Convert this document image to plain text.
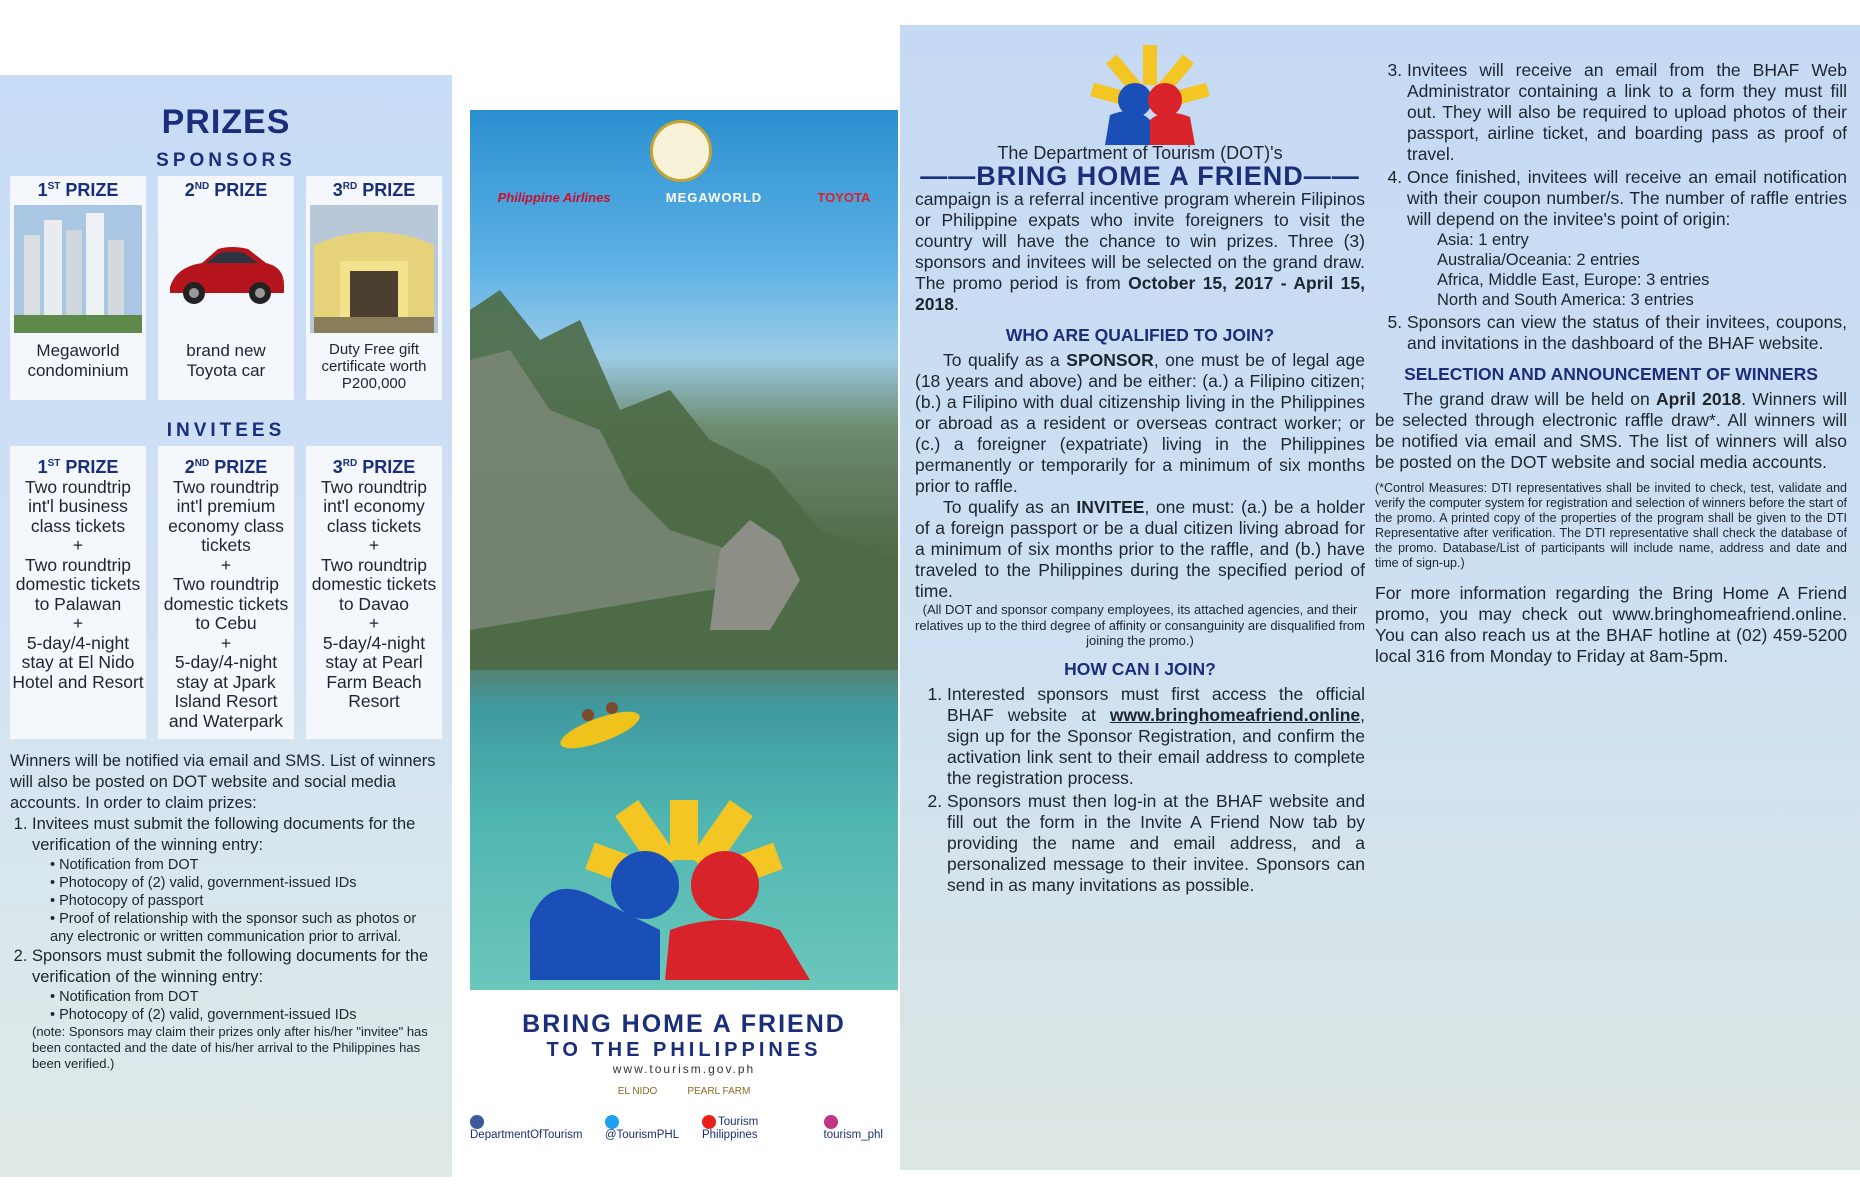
PRIZES
SPONSORS
1ST PRIZE
Megaworld condominium
2ND PRIZE
brand new Toyota car
3RD PRIZE
Duty Free gift certificate worth P200,000
INVITEES
1ST PRIZE
Two roundtrip int'l business class tickets
+
Two roundtrip domestic tickets to Palawan
+
5-day/4-night stay at El Nido Hotel and Resort
2ND PRIZE
Two roundtrip int'l premium economy class tickets
+
Two roundtrip domestic tickets to Cebu
+
5-day/4-night stay at Jpark Island Resort and Waterpark
3RD PRIZE
Two roundtrip int'l economy class tickets
+
Two roundtrip domestic tickets to Davao
+
5-day/4-night stay at Pearl Farm Beach Resort
Winners will be notified via email and SMS. List of winners will also be posted on DOT website and social media accounts. In order to claim prizes:
1. Invitees must submit the following documents for the verification of the winning entry:
• Notification from DOT
• Photocopy of (2) valid, government-issued IDs
• Photocopy of passport
• Proof of relationship with the sponsor such as photos or any electronic or written communication prior to arrival.
2. Sponsors must submit the following documents for the verification of the winning entry:
• Notification from DOT
• Photocopy of (2) valid, government-issued IDs
(note: Sponsors may claim their prizes only after his/her "invitee" has been contacted and the date of his/her arrival to the Philippines has been verified.)
Philippine Airlines	MEGAWORLD	TOYOTA
BRING HOME A FRIEND
TO THE PHILIPPINES
www.tourism.gov.ph
EL NIDO	PEARL FARM
DepartmentOfTourism	@TourismPHL
Tourism Philippines	tourism_phl
The Department of Tourism (DOT)'s
——BRING HOME A FRIEND——
campaign is a referral incentive program wherein Filipinos or Philippine expats who invite foreigners to visit the country will have the chance to win prizes. Three (3) sponsors and invitees will be selected on the grand draw. The promo period is from October 15, 2017 - April 15, 2018.
WHO ARE QUALIFIED TO JOIN?
To qualify as a SPONSOR, one must be of legal age (18 years and above) and be either: (a.) a Filipino citizen; (b.) a Filipino with dual citizenship living in the Philippines or abroad as a resident or overseas contract worker; or (c.) a foreigner (expatriate) living in the Philippines permanently or temporarily for a minimum of six months prior to raffle.
To qualify as an INVITEE, one must: (a.) be a holder of a foreign passport or be a dual citizen living abroad for a minimum of six months prior to the raffle, and (b.) have traveled to the Philippines during the specified period of time.
(All DOT and sponsor company employees, its attached agencies, and their relatives up to the third degree of affinity or consanguinity are disqualified from joining the promo.)
HOW CAN I JOIN?
1. Interested sponsors must first access the official BHAF website at www.bringhomeafriend.online, sign up for the Sponsor Registration, and confirm the activation link sent to their email address to complete the registration process.
2. Sponsors must then log-in at the BHAF website and fill out the form in the Invite A Friend Now tab by providing the name and email address, and a personalized message to their invitee. Sponsors can send in as many invitations as possible.
3. Invitees will receive an email from the BHAF Web Administrator containing a link to a form they must fill out. They will also be required to upload photos of their passport, airline ticket, and boarding pass as proof of travel.
4. Once finished, invitees will receive an email notification with their coupon number/s. The number of raffle entries will depend on the invitee's point of origin:
Asia: 1 entry
Australia/Oceania: 2 entries
Africa, Middle East, Europe: 3 entries
North and South America: 3 entries
5. Sponsors can view the status of their invitees, coupons, and invitations in the dashboard of the BHAF website.
SELECTION AND ANNOUNCEMENT OF WINNERS
The grand draw will be held on April 2018. Winners will be selected through electronic raffle draw*. All winners will be notified via email and SMS. The list of winners will also be posted on the DOT website and social media accounts.
(*Control Measures: DTI representatives shall be invited to check, test, validate and verify the computer system for registration and selection of winners before the start of the promo. A printed copy of the properties of the program shall be given to the DTI Representative after verification. The DTI representative shall check the database of the promo. Database/List of participants will include name, address and date and time of sign-up.)
For more information regarding the Bring Home A Friend promo, you may check out www.bringhomeafriend.online. You can also reach us at the BHAF hotline at (02) 459-5200 local 316 from Monday to Friday at 8am-5pm.
